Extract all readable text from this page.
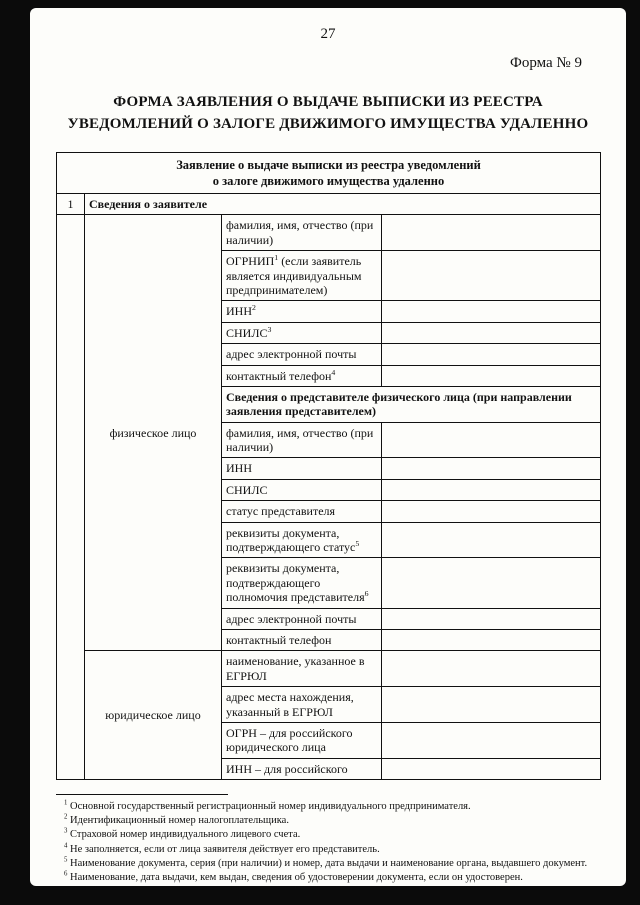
27
Форма № 9
ФОРМА ЗАЯВЛЕНИЯ О ВЫДАЧЕ ВЫПИСКИ ИЗ РЕЕСТРА
УВЕДОМЛЕНИЙ О ЗАЛОГЕ ДВИЖИМОГО ИМУЩЕСТВА УДАЛЕННО
Заявление о выдаче выписки из реестра уведомлений
о залоге движимого имущества удаленно			

1	Сведения о заявителе		
	физическое лицо	фамилия, имя, отчество (при наличии)	
		ОГРНИП$^1$ (если заявитель является индивидуальным предпринимателем)	
		ИНН$^2$	
		СНИЛС$^3$	
		адрес электронной почты	
		контактный телефон$^4$	
		Сведения о представителе физического лица (при направлении заявления представителем)	
		фамилия, имя, отчество (при наличии)	
		ИНН	
		СНИЛС	
		статус представителя	
		реквизиты документа, подтверждающего статус$^5$	
		реквизиты документа, подтверждающего полномочия представителя$^6$	
		адрес электронной почты	
		контактный телефон	
	юридическое лицо	наименование, указанное в ЕГРЮЛ	
		адрес места нахождения, указанный в ЕГРЮЛ	
		ОГРН – для российского юридического лица	
		ИНН – для российского	
$^1$ Основной государственный регистрационный номер индивидуального предпринимателя.
$^2$ Идентификационный номер налогоплательщика.
$^3$ Страховой номер индивидуального лицевого счета.
$^4$ Не заполняется, если от лица заявителя действует его представитель.
$^5$ Наименование документа, серия (при наличии) и номер, дата выдачи и наименование органа, выдавшего документ.
$^6$ Наименование, дата выдачи, кем выдан, сведения об удостоверении документа, если он удостоверен.
